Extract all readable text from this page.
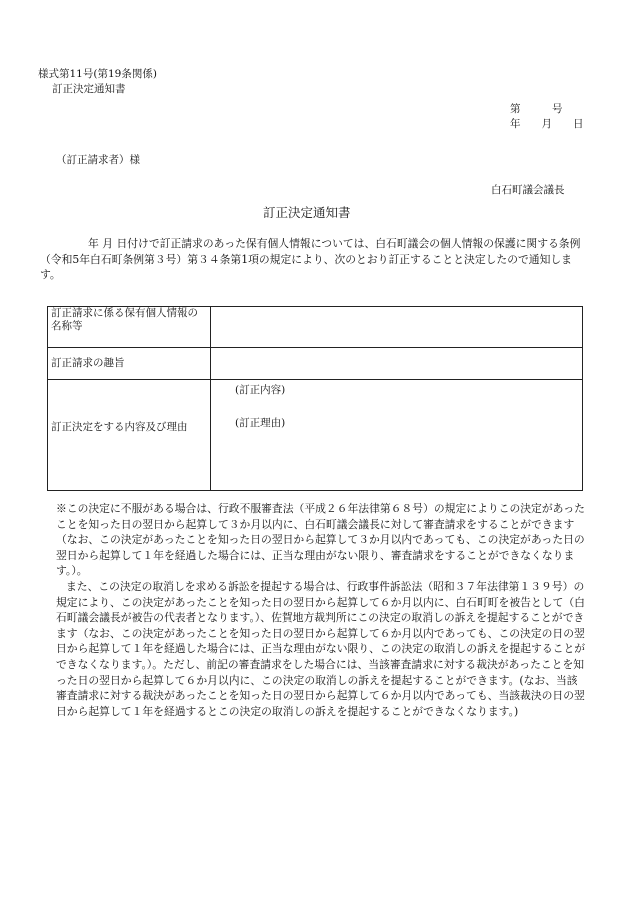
様式第11号(第19条関係)
訂正決定通知書
第　　　号
年　　月　　日
（訂正請求者）様
白石町議会議長
訂正決定通知書
年 月 日付けで訂正請求のあった保有個人情報については、白石町議会の個人情報の保護に関する条例（令和5年白石町条例第３号）第３４条第1項の規定により、次のとおり訂正することと決定したので通知します。
訂正請求に係る保有個人情報の名称等	
訂正請求の趣旨	
訂正決定をする内容及び理由	(訂正内容)
(訂正理由)

※この決定に不服がある場合は、行政不服審査法（平成２６年法律第６８号）の規定によりこの決定があったことを知った日の翌日から起算して３か月以内に、白石町議会議長に対して審査請求をすることができます（なお、この決定があったことを知った日の翌日から起算して３か月以内であっても、この決定があった日の翌日から起算して１年を経過した場合には、正当な理由がない限り、審査請求をすることができなくなります。）。

また、この決定の取消しを求める訴訟を提起する場合は、行政事件訴訟法（昭和３７年法律第１３９号）の規定により、この決定があったことを知った日の翌日から起算して６か月以内に、白石町町を被告として（白石町議会議長が被告の代表者となります。）、佐賀地方裁判所にこの決定の取消しの訴えを提起することができます（なお、この決定があったことを知った日の翌日から起算して６か月以内であっても、この決定の日の翌日から起算して１年を経過した場合には、正当な理由がない限り、この決定の取消しの訴えを提起することができなくなります。）。ただし、前記の審査請求をした場合には、当該審査請求に対する裁決があったことを知った日の翌日から起算して６か月以内に、この決定の取消しの訴えを提起することができます。(なお、当該審査請求に対する裁決があったことを知った日の翌日から起算して６か月以内であっても、当該裁決の日の翌日から起算して１年を経過するとこの決定の取消しの訴えを提起することができなくなります。)
